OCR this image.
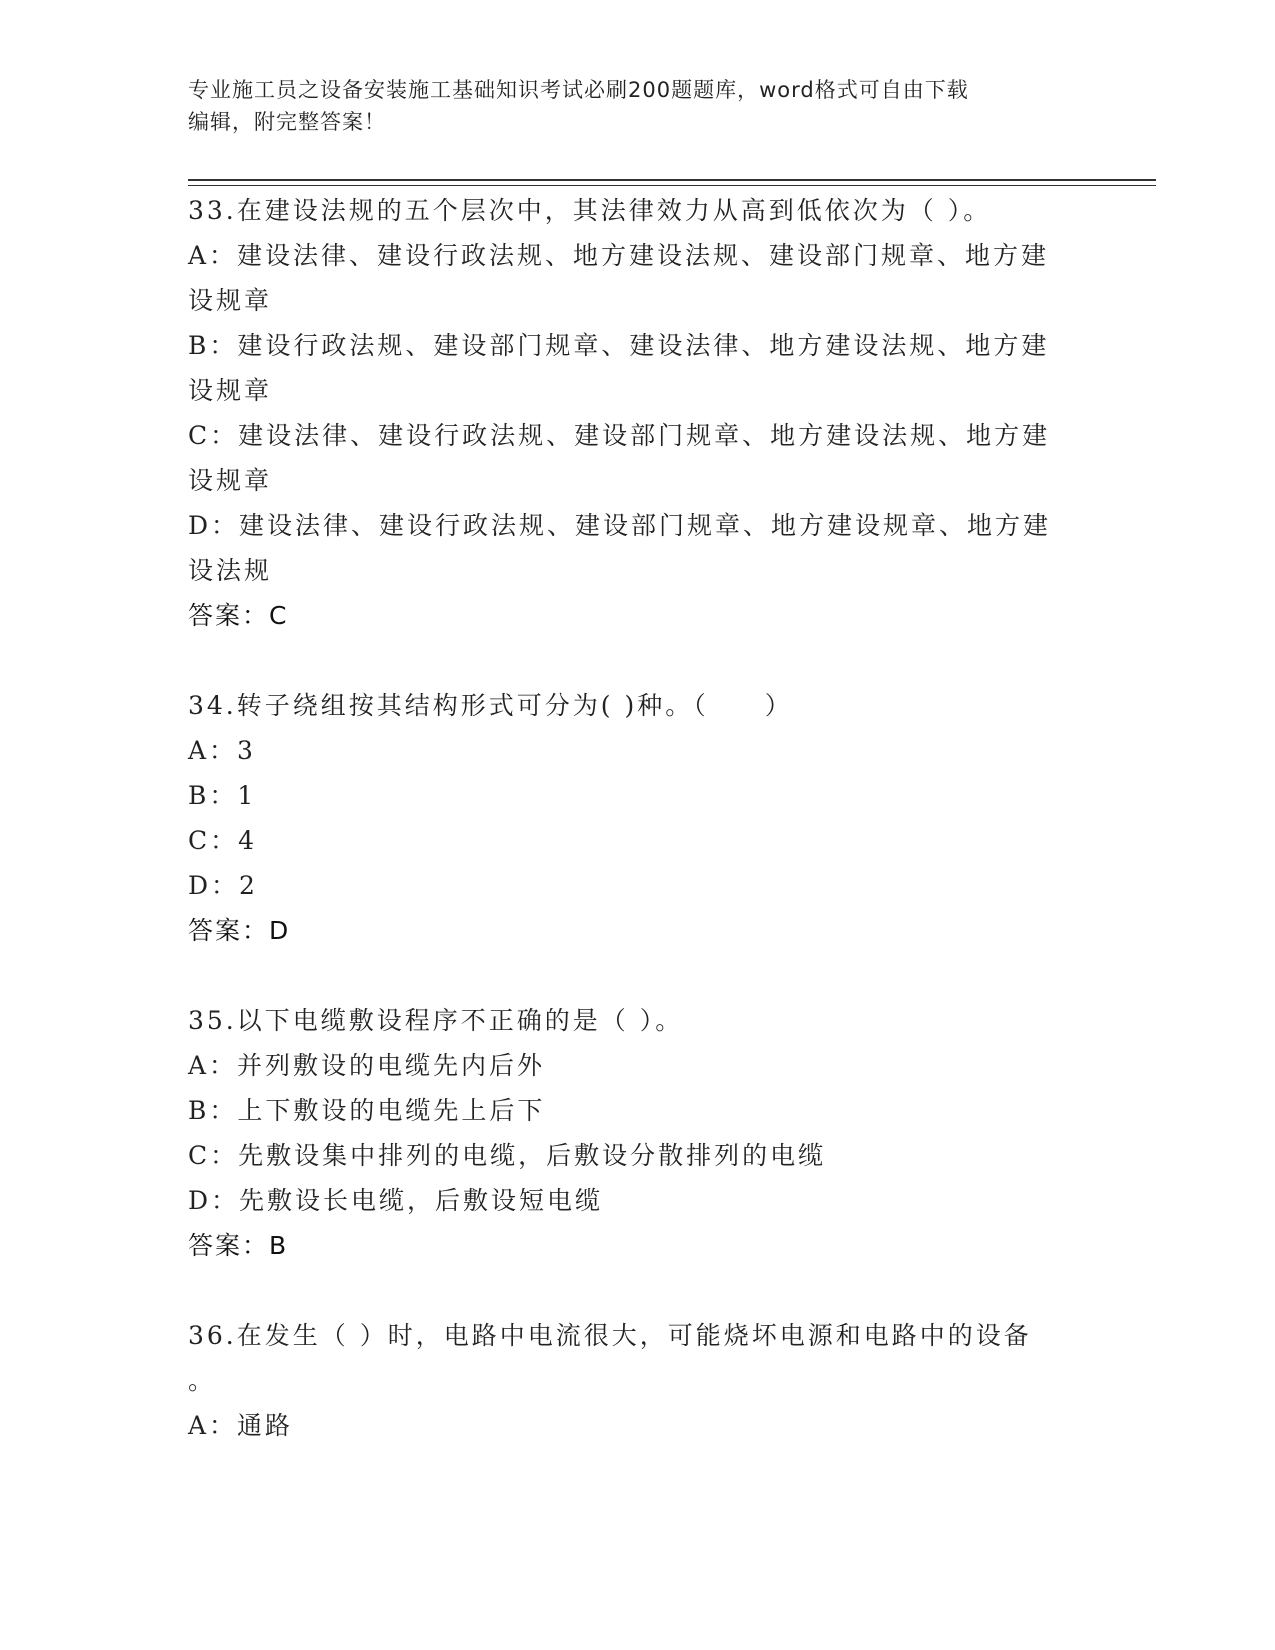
专业施工员之设备安装施工基础知识考试必刷200题题库，word格式可自由下载
编辑，附完整答案！

33.在建设法规的五个层次中，其法律效力从高到低依次为（ ）。

A：建设法律、建设行政法规、地方建设法规、建设部门规章、地方建

设规章

B：建设行政法规、建设部门规章、建设法律、地方建设法规、地方建

设规章

C：建设法律、建设行政法规、建设部门规章、地方建设法规、地方建

设规章

D：建设法律、建设行政法规、建设部门规章、地方建设规章、地方建

设法规

答案：C

34.转子绕组按其结构形式可分为( )种。（　　）

A：3

B：1

C：4

D：2

答案：D

35.以下电缆敷设程序不正确的是（ ）。

A：并列敷设的电缆先内后外

B：上下敷设的电缆先上后下

C：先敷设集中排列的电缆，后敷设分散排列的电缆

D：先敷设长电缆，后敷设短电缆

答案：B

36.在发生（ ）时，电路中电流很大，可能烧坏电源和电路中的设备

。

A：通路
